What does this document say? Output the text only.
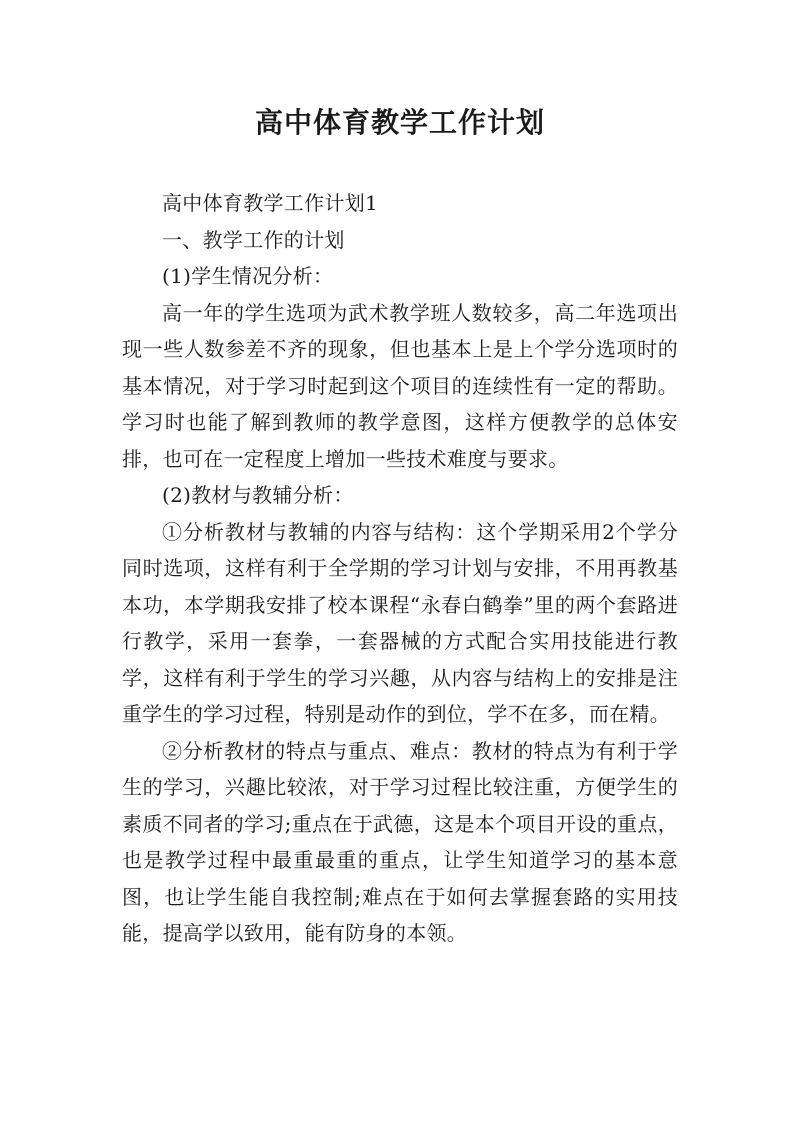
高中体育教学工作计划

高中体育教学工作计划1

一、教学工作的计划

(1)学生情况分析：

高一年的学生选项为武术教学班人数较多，高二年选项出现一些人数参差不齐的现象，但也基本上是上个学分选项时的基本情况，对于学习时起到这个项目的连续性有一定的帮助。学习时也能了解到教师的教学意图，这样方便教学的总体安排，也可在一定程度上增加一些技术难度与要求。

(2)教材与教辅分析：

①分析教材与教辅的内容与结构：这个学期采用2个学分同时选项，这样有利于全学期的学习计划与安排，不用再教基本功，本学期我安排了校本课程“永春白鹤拳”里的两个套路进行教学，采用一套拳，一套器械的方式配合实用技能进行教学，这样有利于学生的学习兴趣，从内容与结构上的安排是注重学生的学习过程，特别是动作的到位，学不在多，而在精。

②分析教材的特点与重点、难点：教材的特点为有利于学生的学习，兴趣比较浓，对于学习过程比较注重，方便学生的素质不同者的学习;重点在于武德，这是本个项目开设的重点，也是教学过程中最重最重的重点，让学生知道学习的基本意图，也让学生能自我控制;难点在于如何去掌握套路的实用技能，提高学以致用，能有防身的本领。
